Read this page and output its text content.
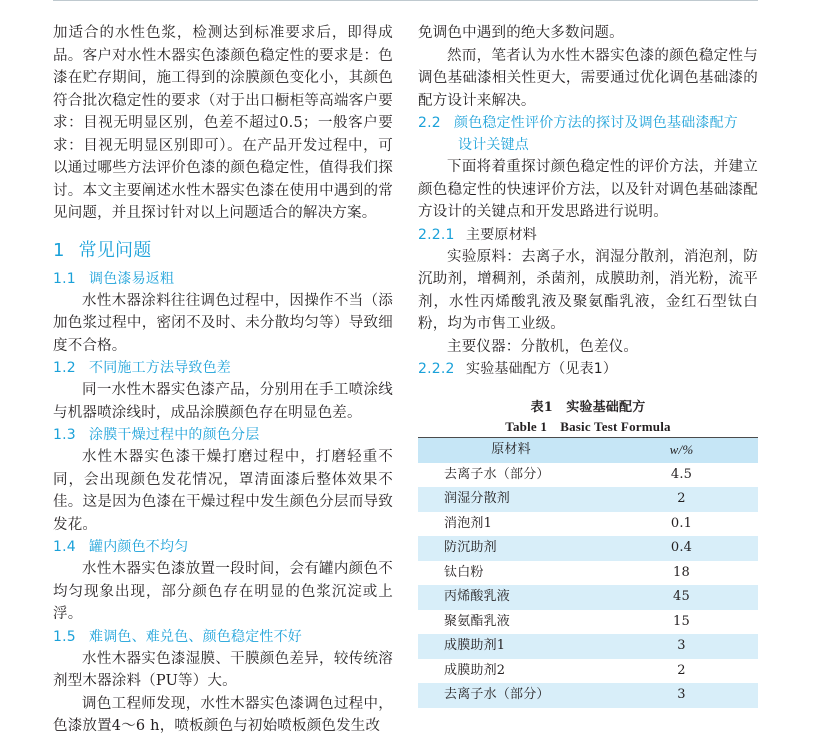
加适合的水性色浆，检测达到标准要求后，即得成品。客户对水性木器实色漆颜色稳定性的要求是：色漆在贮存期间，施工得到的涂膜颜色变化小，其颜色符合批次稳定性的要求（对于出口橱柜等高端客户要求：目视无明显区别，色差不超过0.5；一般客户要求：目视无明显区别即可）。在产品开发过程中，可以通过哪些方法评价色漆的颜色稳定性，值得我们探讨。本文主要阐述水性木器实色漆在使用中遇到的常见问题，并且探讨针对以上问题适合的解决方案。

1 常见问题
1.1 调色漆易返粗

水性木器涂料往往调色过程中，因操作不当（添加色浆过程中，密闭不及时、未分散均匀等）导致细度不合格。

1.2 不同施工方法导致色差

同一水性木器实色漆产品，分别用在手工喷涂线与机器喷涂线时，成品涂膜颜色存在明显色差。

1.3 涂膜干燥过程中的颜色分层

水性木器实色漆干燥打磨过程中，打磨轻重不同，会出现颜色发花情况，罩清面漆后整体效果不佳。这是因为色漆在干燥过程中发生颜色分层而导致发花。

1.4 罐内颜色不均匀

水性木器实色漆放置一段时间，会有罐内颜色不均匀现象出现，部分颜色存在明显的色浆沉淀或上浮。

1.5 难调色、难兑色、颜色稳定性不好

水性木器实色漆湿膜、干膜颜色差异，较传统溶剂型木器涂料（PU等）大。

调色工程师发现，水性木器实色漆调色过程中，色漆放置4～6 h，喷板颜色与初始喷板颜色发生改

免调色中遇到的绝大多数问题。

然而，笔者认为水性木器实色漆的颜色稳定性与调色基础漆相关性更大，需要通过优化调色基础漆的配方设计来解决。

2.2 颜色稳定性评价方法的探讨及调色基础漆配方
设计关键点

下面将着重探讨颜色稳定性的评价方法，并建立颜色稳定性的快速评价方法，以及针对调色基础漆配方设计的关键点和开发思路进行说明。

2.2.1 主要原材料

实验原料：去离子水，润湿分散剂，消泡剂，防沉助剂，增稠剂，杀菌剂，成膜助剂，消光粉，流平剂，水性丙烯酸乳液及聚氨酯乳液，金红石型钛白粉，均为市售工业级。

主要仪器：分散机，色差仪。

2.2.2 实验基础配方（见表1）
表1　实验基础配方
Table 1　Basic Test Formula
原材料	w/%
去离子水（部分）	4.5
润湿分散剂	2
消泡剂1	0.1
防沉助剂	0.4
钛白粉	18
丙烯酸乳液	45
聚氨酯乳液	15
成膜助剂1	3
成膜助剂2	2
去离子水（部分）	3
